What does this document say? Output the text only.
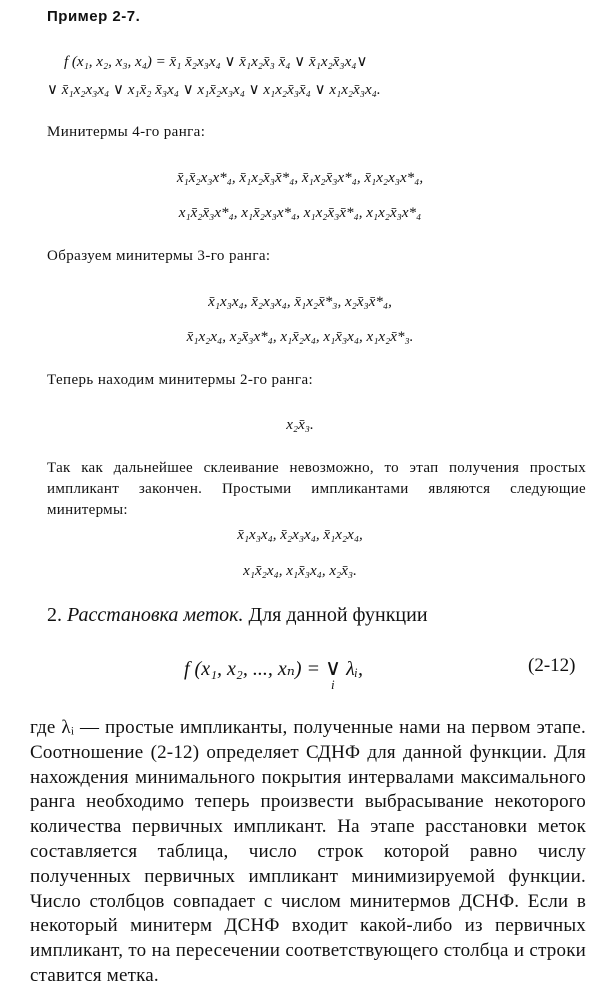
Пример 2-7.
f (x₁, x₂, x₃, x₄) = x̄₁ x̄₂x₃x₄ ∨ x̄₁x₂x̄₃ x̄₄ ∨ x̄₁x₂x̄₃x₄∨
∨ x̄₁x₂x₃x₄ ∨ x₁x̄₂ x̄₃x₄ ∨ x₁x̄₂x₃x₄ ∨ x₁x₂x̄₃x̄₄ ∨ x₁x₂x̄₃x₄.
Минитермы 4-го ранга:
x̄₁x̄₂x₃x*₄, x̄₁x₂x̄₃x̄*₄, x̄₁x₂x̄₃x*₄, x̄₁x₂x₃x*₄,
x₁x̄₂x̄₃x*₄, x₁x̄₂x₃x*₄, x₁x₂x̄₃x̄*₄, x₁x₂x̄₃x*₄
Образуем минитермы 3-го ранга:
x̄₁x₃x₄, x̄₂x₃x₄, x̄₁x₂x̄*₃, x₂x̄₃x̄*₄,
x̄₁x₂x₄, x₂x̄₃x*₄, x₁x̄₂x₄, x₁x̄₃x₄, x₁x₂x̄*₃.
Теперь находим минитермы 2-го ранга:
x₂x̄₃.
Так как дальнейшее склеивание невозможно, то этап получения простых импликант закончен. Простыми импликантами являются следующие минитермы:
x̄₁x₃x₄, x̄₂x₃x₄, x̄₁x₂x₄,
x₁x̄₂x₄, x₁x̄₃x₄, x₂x̄₃.
2. Расстановка меток. Для данной функции
f (x₁, x₂, ..., xₙ) = ∨
i
λᵢ,	(2-12)
где λᵢ — простые импликанты, полученные нами на первом этапе. Соотношение (2-12) определяет СДНФ для данной функции. Для нахождения минимального покрытия интервалами максимального ранга необходимо теперь произвести выбрасывание некоторого количества первичных импликант. На этапе расстановки меток составляется таблица, число строк которой равно числу полученных первичных импликант минимизируемой функции. Число столбцов совпадает с числом минитермов ДСНФ. Если в некоторый минитерм ДСНФ входит какой-либо из первичных импликант, то на пересечении соответствующего столбца и строки ставится метка.
